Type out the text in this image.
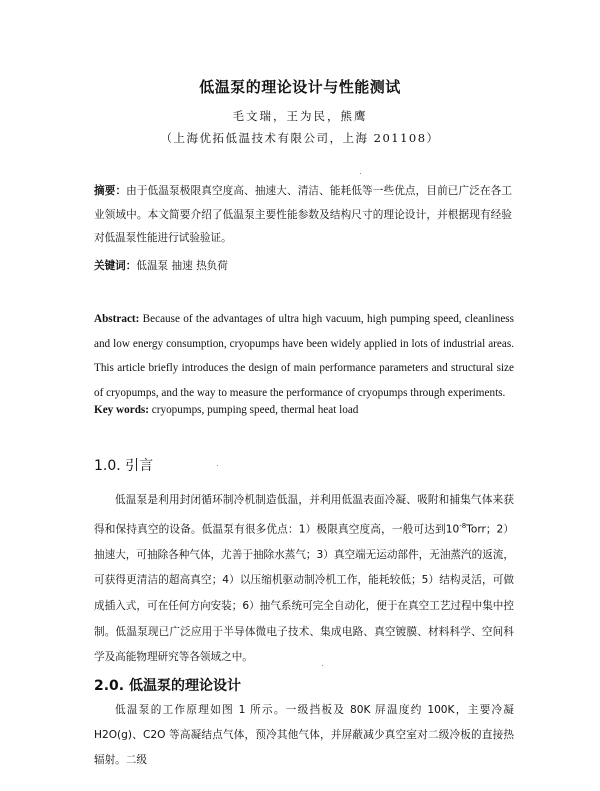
低温泵的理论设计与性能测试
毛文瑞，王为民，熊鹰
（上海优拓低温技术有限公司，上海 201108）
摘要：由于低温泵极限真空度高、抽速大、清洁、能耗低等一些优点，目前已广泛在各工业领域中。本文简要介绍了低温泵主要性能参数及结构尺寸的理论设计，并根据现有经验对低温泵性能进行试验验证。
关键词：低温泵 抽速 热负荷
Abstract: Because of the advantages of ultra high vacuum, high pumping speed, cleanliness and low energy consumption, cryopumps have been widely applied in lots of industrial areas. This article briefly introduces the design of main performance parameters and structural size of cryopumps, and the way to measure the performance of cryopumps through experiments.
Key words: cryopumps, pumping speed, thermal heat load
1.0. 引言
低温泵是利用封闭循环制冷机制造低温，并利用低温表面冷凝、吸附和捕集气体来获得和保持真空的设备。低温泵有很多优点：1）极限真空度高，一般可达到$10^{-8}Torr$；2）抽速大，可抽除各种气体，尤善于抽除水蒸气；3）真空端无运动部件，无油蒸汽的返流，可获得更清洁的超高真空；4）以压缩机驱动制冷机工作，能耗较低；5）结构灵活，可做成插入式，可在任何方向安装；6）抽气系统可完全自动化，便于在真空工艺过程中集中控制。低温泵现已广泛应用于半导体微电子技术、集成电路、真空镀膜、材料科学、空间科学及高能物理研究等各领域之中。
2.0. 低温泵的理论设计
低温泵的工作原理如图 1 所示。一级挡板及 80K 屏温度约 100K，主要冷凝 H2O(g)、C2O 等高凝结点气体，预冷其他气体，并屏蔽减少真空室对二级冷板的直接热辐射。二级
